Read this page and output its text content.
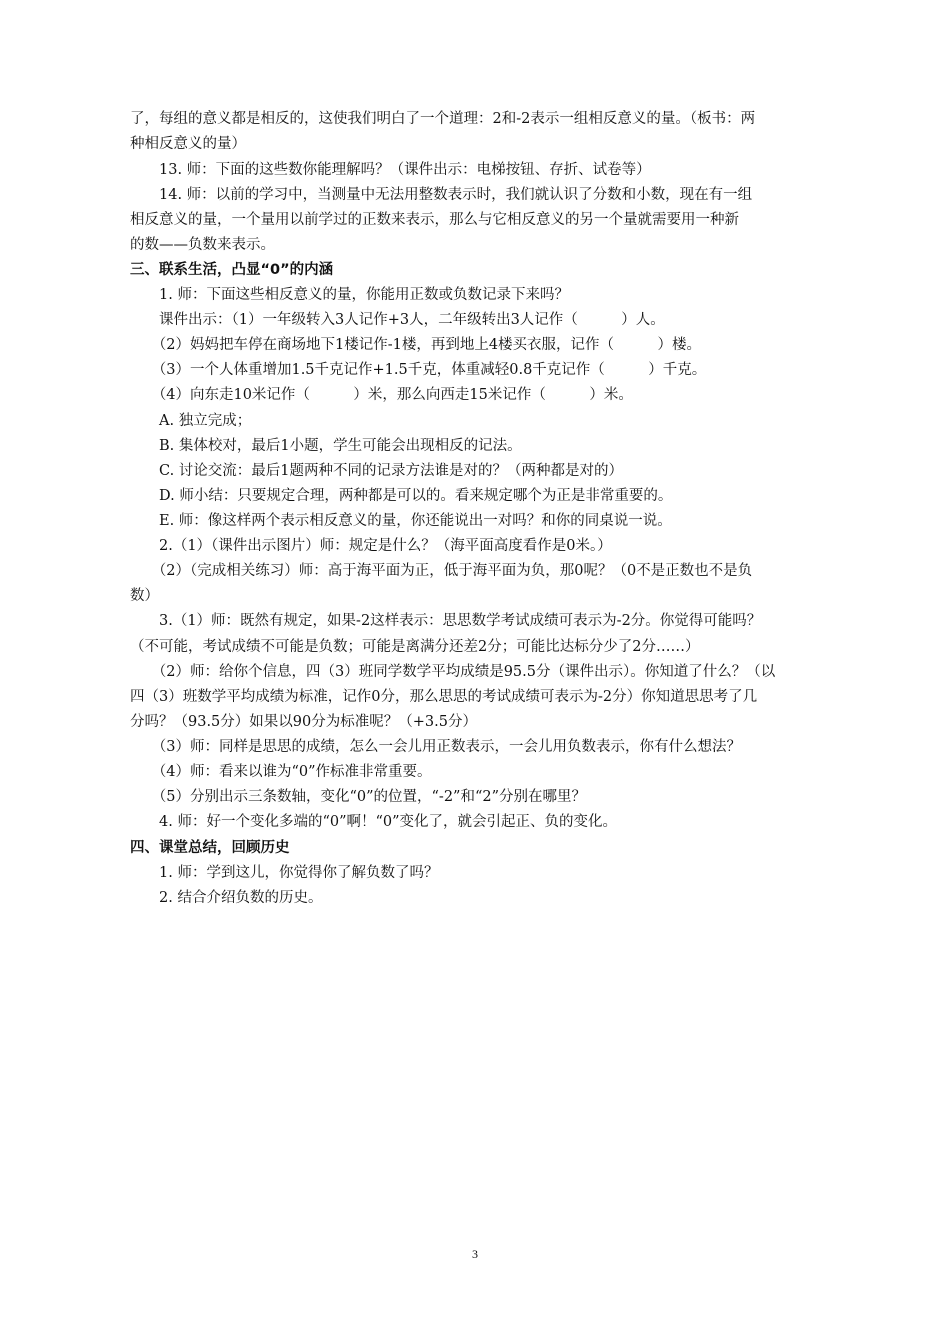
了，每组的意义都是相反的，这使我们明白了一个道理：2和-2表示一组相反意义的量。（板书：两
种相反意义的量）
　　13. 师：下面的这些数你能理解吗？（课件出示：电梯按钮、存折、试卷等）
　　14. 师：以前的学习中，当测量中无法用整数表示时，我们就认识了分数和小数，现在有一组
相反意义的量，一个量用以前学过的正数来表示，那么与它相反意义的另一个量就需要用一种新
的数——负数来表示。
三、联系生活，凸显“0”的内涵
　　1. 师：下面这些相反意义的量，你能用正数或负数记录下来吗？
　　课件出示：（1）一年级转入3人记作+3人，二年级转出3人记作（　　　）人。
　　（2）妈妈把车停在商场地下1楼记作-1楼，再到地上4楼买衣服，记作（　　　）楼。
　　（3）一个人体重增加1.5千克记作+1.5千克，体重减轻0.8千克记作（　　　）千克。
　　（4）向东走10米记作（　　　）米，那么向西走15米记作（　　　）米。
　　A. 独立完成；
　　B. 集体校对，最后1小题，学生可能会出现相反的记法。
　　C. 讨论交流：最后1题两种不同的记录方法谁是对的？（两种都是对的）
　　D. 师小结：只要规定合理，两种都是可以的。看来规定哪个为正是非常重要的。
　　E. 师：像这样两个表示相反意义的量，你还能说出一对吗？和你的同桌说一说。
　　2.（1）（课件出示图片）师：规定是什么？（海平面高度看作是0米。）
　　（2）（完成相关练习）师：高于海平面为正，低于海平面为负，那0呢？（0不是正数也不是负
数）
　　3.（1）师：既然有规定，如果-2这样表示：思思数学考试成绩可表示为-2分。你觉得可能吗？
（不可能，考试成绩不可能是负数；可能是离满分还差2分；可能比达标分少了2分……）
　　（2）师：给你个信息，四（3）班同学数学平均成绩是95.5分（课件出示）。你知道了什么？（以
四（3）班数学平均成绩为标准，记作0分，那么思思的考试成绩可表示为-2分）你知道思思考了几
分吗？（93.5分）如果以90分为标准呢？（+3.5分）
　　（3）师：同样是思思的成绩，怎么一会儿用正数表示，一会儿用负数表示，你有什么想法？
　　（4）师：看来以谁为“0”作标准非常重要。
　　（5）分别出示三条数轴，变化“0”的位置，“-2”和“2”分别在哪里？
　　4. 师：好一个变化多端的“0”啊！“0”变化了，就会引起正、负的变化。
四、课堂总结，回顾历史
　　1. 师：学到这儿，你觉得你了解负数了吗？
　　2. 结合介绍负数的历史。
3
